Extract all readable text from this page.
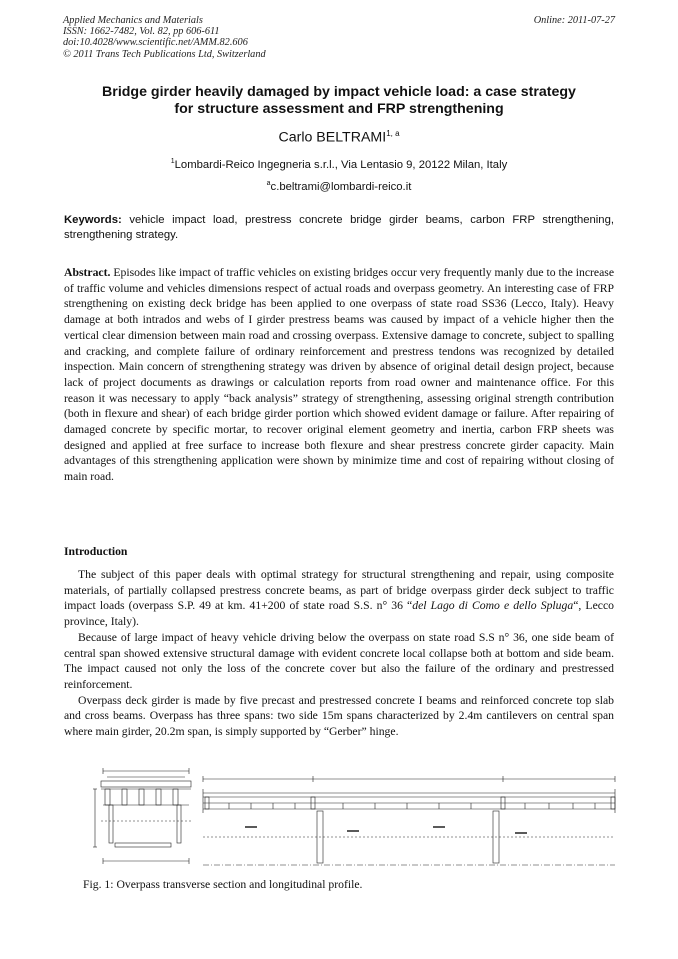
Applied Mechanics and Materials
ISSN: 1662-7482, Vol. 82, pp 606-611
doi:10.4028/www.scientific.net/AMM.82.606
© 2011 Trans Tech Publications Ltd, Switzerland
Online: 2011-07-27
Bridge girder heavily damaged by impact vehicle load: a case strategy
for structure assessment and FRP strengthening
Carlo BELTRAMI$^{1, a}$
$^1$Lombardi-Reico Ingegneria s.r.l., Via Lentasio 9, 20122 Milan, Italy
$^a$c.beltrami@lombardi-reico.it
Keywords: vehicle impact load, prestress concrete bridge girder beams, carbon FRP strengthening, strengthening strategy.
Abstract. Episodes like impact of traffic vehicles on existing bridges occur very frequently manly due to the increase of traffic volume and vehicles dimensions respect of actual roads and overpass geometry. An interesting case of FRP strengthening on existing deck bridge has been applied to one overpass of state road SS36 (Lecco, Italy). Heavy damage at both intrados and webs of I girder prestress beams was caused by impact of a vehicle higher then the vertical clear dimension between main road and crossing overpass. Extensive damage to concrete, subject to spalling and cracking, and complete failure of ordinary reinforcement and prestress tendons was recognized by detailed inspection. Main concern of strengthening strategy was driven by absence of original detail design project, because lack of project documents as drawings or calculation reports from road owner and maintenance office. For this reason it was necessary to apply “back analysis” strategy of strengthening, assessing original strength contribution (both in flexure and shear) of each bridge girder portion which showed evident damage or failure. After repairing of damaged concrete by specific mortar, to recover original element geometry and inertia, carbon FRP sheets was designed and applied at free surface to increase both flexure and shear prestress concrete girder capacity. Main advantages of this strengthening application were shown by minimize time and cost of repairing without closing of main road.
Introduction

The subject of this paper deals with optimal strategy for structural strengthening and repair, using composite materials, of partially collapsed prestress concrete beams, as part of bridge overpass girder deck subject to traffic impact loads (overpass S.P. 49 at km. 41+200 of state road S.S. n° 36 “del Lago di Como e dello Spluga“, Lecco province, Italy).

Because of large impact of heavy vehicle driving below the overpass on state road S.S n° 36, one side beam of central span showed extensive structural damage with evident concrete local collapse both at bottom and side beam. The impact caused not only the loss of the concrete cover but also the failure of the ordinary and prestressed reinforcement.

Overpass deck girder is made by five precast and prestressed concrete I beams and reinforced concrete top slab and cross beams. Overpass has three spans: two side 15m spans characterized by 2.4m cantilevers on central span where main girder, 20.2m span, is simply supported by “Gerber” hinge.

Fig. 1: Overpass transverse section and longitudinal profile.
